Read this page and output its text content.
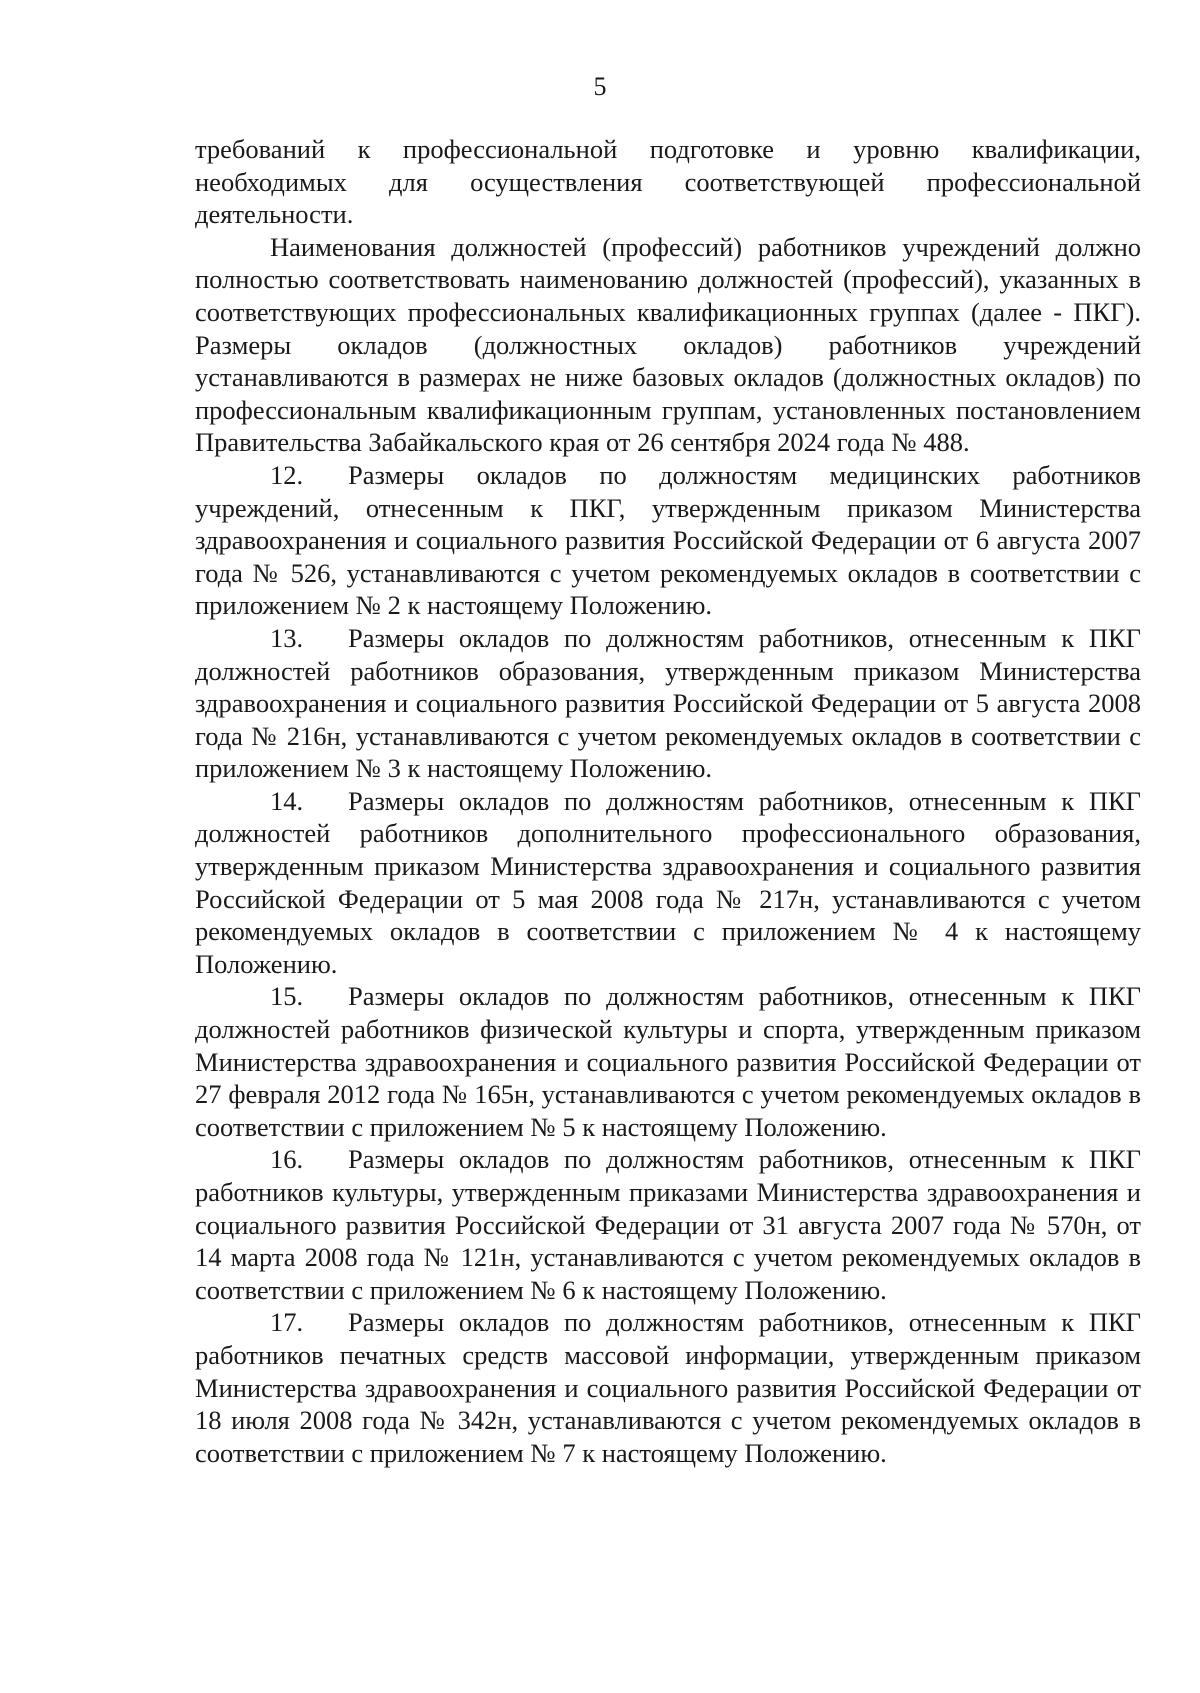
5

требований к профессиональной подготовке и уровню квалификации, необходимых для осуществления соответствующей профессиональной деятельности.

Наименования должностей (профессий) работников учреждений должно полностью соответствовать наименованию должностей (профессий), указанных в соответствующих профессиональных квалификационных группах (далее - ПКГ). Размеры окладов (должностных окладов) работников учреждений устанавливаются в размерах не ниже базовых окладов (должностных окладов) по профессиональным квалификационным группам, установленных постановлением Правительства Забайкальского края от 26 сентября 2024 года № 488.

12. Размеры окладов по должностям медицинских работников учреждений, отнесенным к ПКГ, утвержденным приказом Министерства здравоохранения и социального развития Российской Федерации от 6 августа 2007 года № 526, устанавливаются с учетом рекомендуемых окладов в соответствии с приложением № 2 к настоящему Положению.

13. Размеры окладов по должностям работников, отнесенным к ПКГ должностей работников образования, утвержденным приказом Министерства здравоохранения и социального развития Российской Федерации от 5 августа 2008 года № 216н, устанавливаются с учетом рекомендуемых окладов в соответствии с приложением № 3 к настоящему Положению.

14. Размеры окладов по должностям работников, отнесенным к ПКГ должностей работников дополнительного профессионального образования, утвержденным приказом Министерства здравоохранения и социального развития Российской Федерации от 5 мая 2008 года № 217н, устанавливаются с учетом рекомендуемых окладов в соответствии с приложением № 4 к настоящему Положению.

15. Размеры окладов по должностям работников, отнесенным к ПКГ должностей работников физической культуры и спорта, утвержденным приказом Министерства здравоохранения и социального развития Российской Федерации от 27 февраля 2012 года № 165н, устанавливаются с учетом рекомендуемых окладов в соответствии с приложением № 5 к настоящему Положению.

16. Размеры окладов по должностям работников, отнесенным к ПКГ работников культуры, утвержденным приказами Министерства здравоохранения и социального развития Российской Федерации от 31 августа 2007 года № 570н, от 14 марта 2008 года № 121н, устанавливаются с учетом рекомендуемых окладов в соответствии с приложением № 6 к настоящему Положению.

17. Размеры окладов по должностям работников, отнесенным к ПКГ работников печатных средств массовой информации, утвержденным приказом Министерства здравоохранения и социального развития Российской Федерации от 18 июля 2008 года № 342н, устанавливаются с учетом рекомендуемых окладов в соответствии с приложением № 7 к настоящему Положению.
